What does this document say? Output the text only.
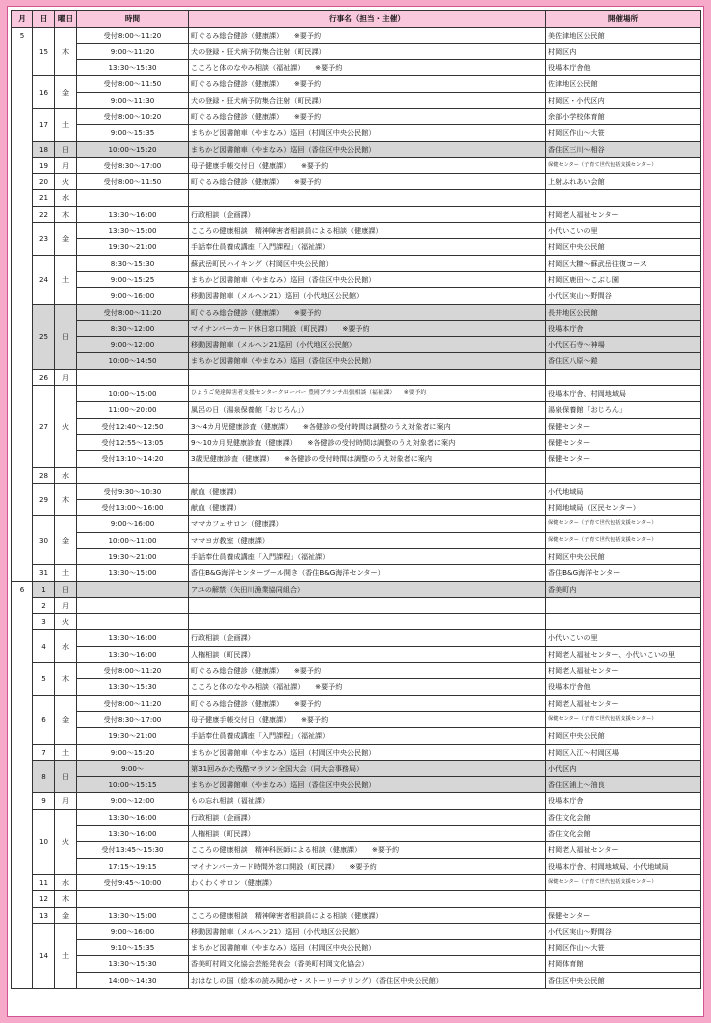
月	日	曜日	時間	行事名（担当・主催）	開催場所
5	15	木	受付8:00～11:20	町ぐるみ総合健診（健康課）　　※要予約	美佐津地区公民館
			9:00～11:20	犬の登録・狂犬病予防集合注射（町民課）	村岡区内
			13:30～15:30	こころと体のなやみ相談（福祉課）　　※要予約	役場本庁舎他
	16	金	受付8:00～11:50	町ぐるみ総合健診（健康課）　　※要予約	佐津地区公民館
			9:00～11:30	犬の登録・狂犬病予防集合注射（町民課）	村岡区・小代区内
	17	土	受付8:00～10:20	町ぐるみ総合健診（健康課）　　※要予約	余部小学校体育館
			9:00～15:35	まちかど図書館車（やまなみ）巡回（村岡区中央公民館）	村岡区作山～大笹
	18	日	10:00～15:20	まちかど図書館車（やまなみ）巡回（香住区中央公民館）	香住区三川～相谷
	19	月	受付8:30～17:00	母子健康手帳交付日（健康課）　　※要予約	保健センター（子育て世代包括支援センター）
	20	火	受付8:00～11:50	町ぐるみ総合健診（健康課）　　※要予約	上射ふれあい会館
	21	水			
	22	木	13:30～16:00	行政相談（企画課）	村岡老人福祉センター
	23	金	13:30～15:00	こころの健康相談　精神障害者相談員による相談（健康課）	小代いこいの里
			19:30～21:00	手話奉仕員養成講座「入門課程」（福祉課）	村岡区中央公民館
	24	土	8:30～15:30	蘇武岳町民ハイキング（村岡区中央公民館）	村岡区大糠～蘇武岳往復コース
			9:00～15:25	まちかど図書館車（やまなみ）巡回（香住区中央公民館）	村岡区鹿田～こぶし園
			9:00～16:00	移動図書館車（メルヘン21）巡回（小代地区公民館）	小代区実山～野間谷
	25	日	受付8:00～11:20	町ぐるみ総合健診（健康課）　　※要予約	長井地区公民館
			8:30～12:00	マイナンバーカード休日窓口開設（町民課）　　※要予約	役場本庁舎
			9:00～12:00	移動図書館車（メルヘン21巡回（小代地区公民館）	小代区石寺～神場
			10:00～14:50	まちかど図書館車（やまなみ）巡回（香住区中央公民館）	香住区八原～鎧
	26	月			
	27	火	10:00～15:00	ひょうご発達障害者支援センタークローバー 豊岡ブランチ出張相談（福祉課）　　※要予約	役場本庁舎、村岡地域局
			11:00～20:00	風呂の日（湯泉保養館「おじろん」）	湯泉保養館「おじろん」
			受付12:40～12:50	3～4カ月児健康診査（健康課）　　※各健診の受付時間は調整のうえ対象者に案内	保健センター
			受付12:55～13:05	9～10カ月児健康診査（健康課）　　※各健診の受付時間は調整のうえ対象者に案内	保健センター
			受付13:10～14:20	3歳児健康診査（健康課）　　※各健診の受付時間は調整のうえ対象者に案内	保健センター
	28	水			
	29	木	受付9:30～10:30	献血（健康課）	小代地域局
			受付13:00～16:00	献血（健康課）	村岡地域局（区民センター）
	30	金	9:00～16:00	ママカフェサロン（健康課）	保健センター（子育て世代包括支援センター）
			10:00～11:00	ママヨガ教室（健康課）	保健センター（子育て世代包括支援センター）
			19:30～21:00	手話奉仕員養成講座「入門課程」（福祉課）	村岡区中央公民館
	31	土	13:30～15:00	香住B&G海洋センタープール開き（香住B&G海洋センター）	香住B&G海洋センター
6	1	日		アユの解禁（矢田川漁業協同組合）	香美町内
	2	月			
	3	火			
	4	水	13:30～16:00	行政相談（企画課）	小代いこいの里
			13:30～16:00	人権相談（町民課）	村岡老人福祉センター、小代いこいの里
	5	木	受付8:00～11:20	町ぐるみ総合健診（健康課）　　※要予約	村岡老人福祉センター
			13:30～15:30	こころと体のなやみ相談（福祉課）　　※要予約	役場本庁舎他
	6	金	受付8:00～11:20	町ぐるみ総合健診（健康課）　　※要予約	村岡老人福祉センター
			受付8:30～17:00	母子健康手帳交付日（健康課）　　※要予約	保健センター（子育て世代包括支援センター）
			19:30～21:00	手話奉仕員養成講座「入門課程」（福祉課）	村岡区中央公民館
	7	土	9:00～15:20	まちかど図書館車（やまなみ）巡回（村岡区中央公民館）	村岡区入江～村岡区場
	8	日	9:00～	第31回みかた残酷マラソン全国大会（同大会事務局）	小代区内
			10:00～15:15	まちかど図書館車（やまなみ）巡回（香住区中央公民館）	香住区浦上～油良
	9	月	9:00～12:00	もの忘れ相談（福祉課）	役場本庁舎
	10	火	13:30～16:00	行政相談（企画課）	香住文化会館
			13:30～16:00	人権相談（町民課）	香住文化会館
			受付13:45～15:30	こころの健康相談　精神科医師による相談（健康課）　　※要予約	村岡老人福祉センター
			17:15～19:15	マイナンバーカード時間外窓口開設（町民課）　　※要予約	役場本庁舎、村岡地域局、小代地域局
	11	水	受付9:45～10:00	わくわくサロン（健康課）	保健センター（子育て世代包括支援センター）
	12	木			
	13	金	13:30～15:00	こころの健康相談　精神障害者相談員による相談（健康課）	保健センター
	14	土	9:00～16:00	移動図書館車（メルヘン21）巡回（小代地区公民館）	小代区実山～野間谷
			9:10～15:35	まちかど図書館車（やまなみ）巡回（村岡区中央公民館）	村岡区作山～大笹
			13:30～15:30	香美町村岡文化協会芸能発表会（香美町村岡文化協会）	村岡体育館
			14:00～14:30	おはなしの国（絵本の読み聞かせ・ストーリーテリング）（香住区中央公民館）	香住区中央公民館
